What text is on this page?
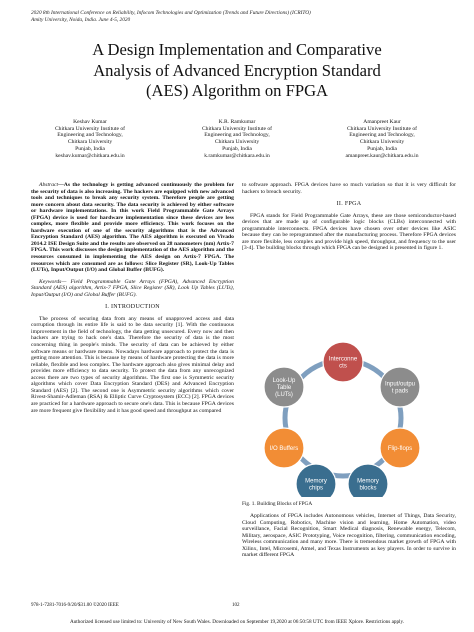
2020 8th International Conference on Reliability, Infocom Technologies and Optimization (Trends and Future Directions) (ICRITO)
Amity University, Noida, India. June 4-5, 2020
A Design Implementation and Comparative
Analysis of Advanced Encryption Standard
(AES) Algorithm on FPGA
Keshav Kumar
Chitkara University Institute of
Engineering and Technology,
Chitkara University
Punjab, India
keshav.kumar@chitkara.edu.in
K.R. Ramkumar
Chitkara University Institute of
Engineering and Technology,
Chitkara University
Punjab, India
k.ramkumar@chitkara.edu.in
Amanpreet Kaur
Chitkara University Institute of
Engineering and Technology,
Chitkara University
Punjab, India
amanpreet.kaur@chitkara.edu.in

Abstract—As the technology is getting advanced continuously the problem for the security of data is also increasing. The hackers are equipped with new advanced tools and techniques to break any security system. Therefore people are getting more concern about data security. The data security is achieved by either software or hardware implementations. In this work Field Programmable Gate Arrays (FPGA) device is used for hardware implementation since these devices are less complex, more flexible and provide more efficiency. This work focuses on the hardware execution of one of the security algorithms that is the Advanced Encryption Standard (AES) algorithm. The AES algorithm is executed on Vivado 2014.2 ISE Design Suite and the results are observed on 28 nanometers (nm) Artix-7 FPGA. This work discusses the design implementation of the AES algorithm and the resources consumed in implementing the AES design on Artix-7 FPGA. The resources which are consumed are as follows: Slice Register (SR), Look-Up Tables (LUTs), Input/Output (I/O) and Global Buffer (BUFG).

Keywords— Field Programmable Gate Arrays (FPGA), Advanced Encryption Standard (AES) algorithm, Artix-7 FPGA, Slice Register (SR), Look Up Tables (LUTs), Input/Output (I/O) and Global Buffer (BUFG).

I. INTRODUCTION

The process of securing data from any means of unapproved access and data corruption through its entire life is said to be data security [1]. With the continuous improvement in the field of technology, the data getting unsecured. Every now and then hackers are trying to hack one's data. Therefore the security of data is the most concerning thing in people's minds. The security of data can be achieved by either software means or hardware means. Nowadays hardware approach to protect the data is getting more attention. This is because by means of hardware protecting the data is more reliable, flexible and less complex. The hardware approach also gives minimal delay and provides more efficiency to data security. To protect the data from any unrecognized access there are two types of security algorithms. The first one is Symmetric security algorithms which cover Data Encryption Standard (DES) and Advanced Encryption Standard (AES) [2]. The second one is Asymmetric security algorithms which cover Rivest-Shamir-Adleman (RSA) & Elliptic Curve Cryptosystem (ECC) [2]. FPGA devices are practiced for a hardware approach to secure one's data. This is because FPGA devices are more frequent give flexibility and it has good speed and throughput as compared

to software approach. FPGA devices have so much variation so that it is very difficult for hackers to breach security.

II. FPGA

FPGA stands for Field Programmable Gate Arrays, these are those semiconductor-based devices that are made up of configurable logic blocks (CLBs) interconnected with programmable interconnects. FPGA devices have chosen over other devices like ASIC because they can be reprogrammed after the manufacturing process. Therefore FPGA devices are more flexible, less complex and provide high speed, throughput, and frequency to the user [3-4]. The building blocks through which FPGA can be designed is presented in figure 1.

Interconne
cts
Input/outpu
t pads
Flip-flops
Memory
blocks
Memory
chips
I/O Buffers
Look-Up
Table
(LUTs)
Fig. 1. Building Blocks of FPGA

Applications of FPGA includes Autonomous vehicles, Internet of Things, Data Security, Cloud Computing, Robotics, Machine vision and learning, Home Automation, video surveillance, Facial Recognition, Smart Medical diagnosis, Renewable energy, Telecom, Military, aerospace, ASIC Prototyping, Voice recognition, filtering, communication encoding, Wireless communication and many more. There is tremendous market growth of FPGA with Xilinx, Intel, Microsemi, Atmel, and Texas Instruments as key players. In order to survive in market different FPGA

978-1-7281-7016-9/20/$31.00 ©2020 IEEE	102
Authorized licensed use limited to: University of New South Wales. Downloaded on September 19,2020 at 06:50:58 UTC from IEEE Xplore. Restrictions apply.
